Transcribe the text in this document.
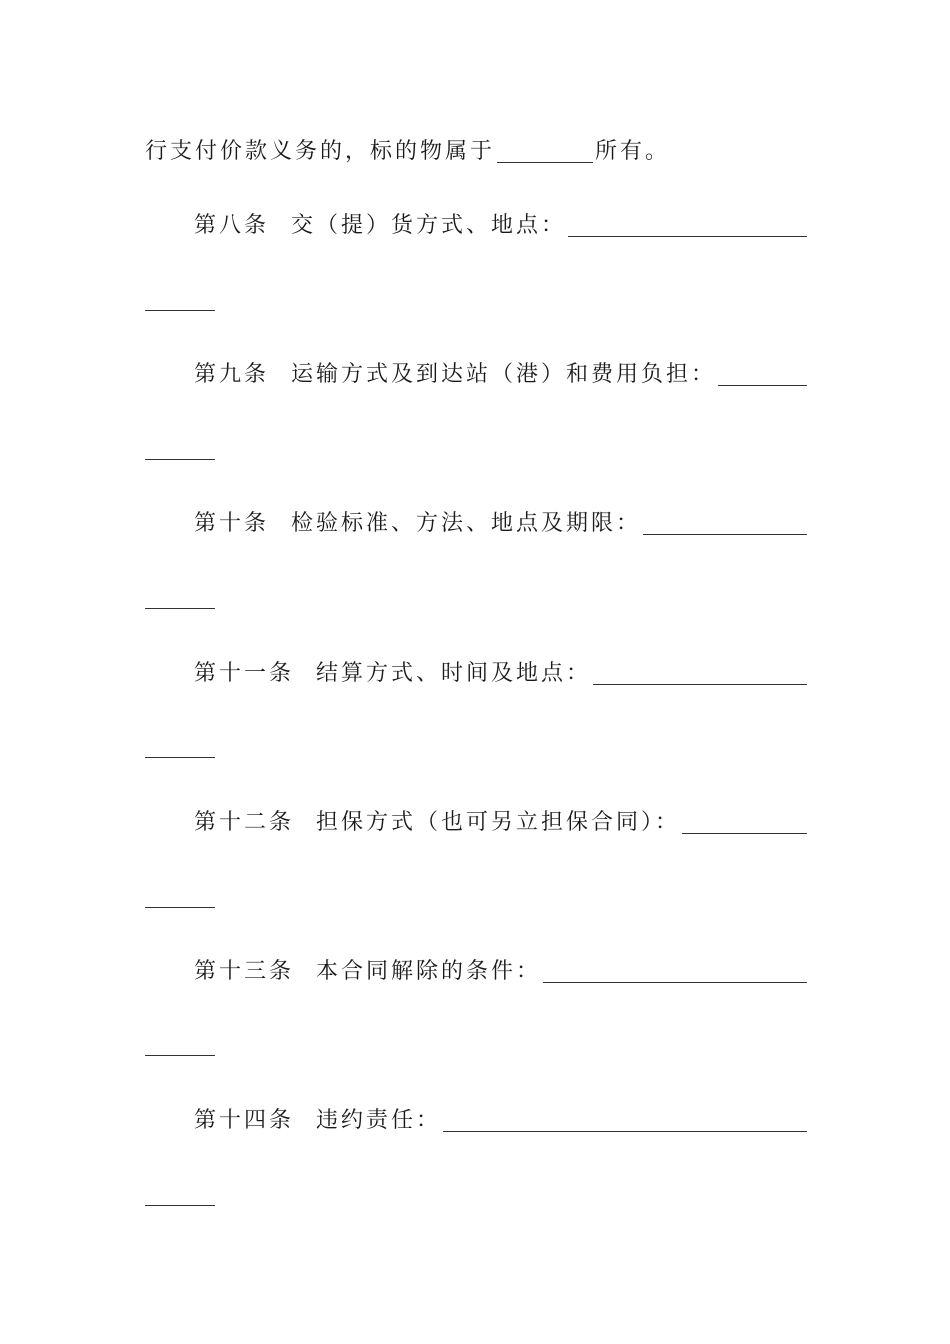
行支付价款义务的，标的物属于	所有。
第八条 交（提）货方式、地点：
第九条 运输方式及到达站（港）和费用负担：
第十条 检验标准、方法、地点及期限：
第十一条 结算方式、时间及地点：
第十二条 担保方式（也可另立担保合同）：
第十三条 本合同解除的条件：
第十四条 违约责任：
